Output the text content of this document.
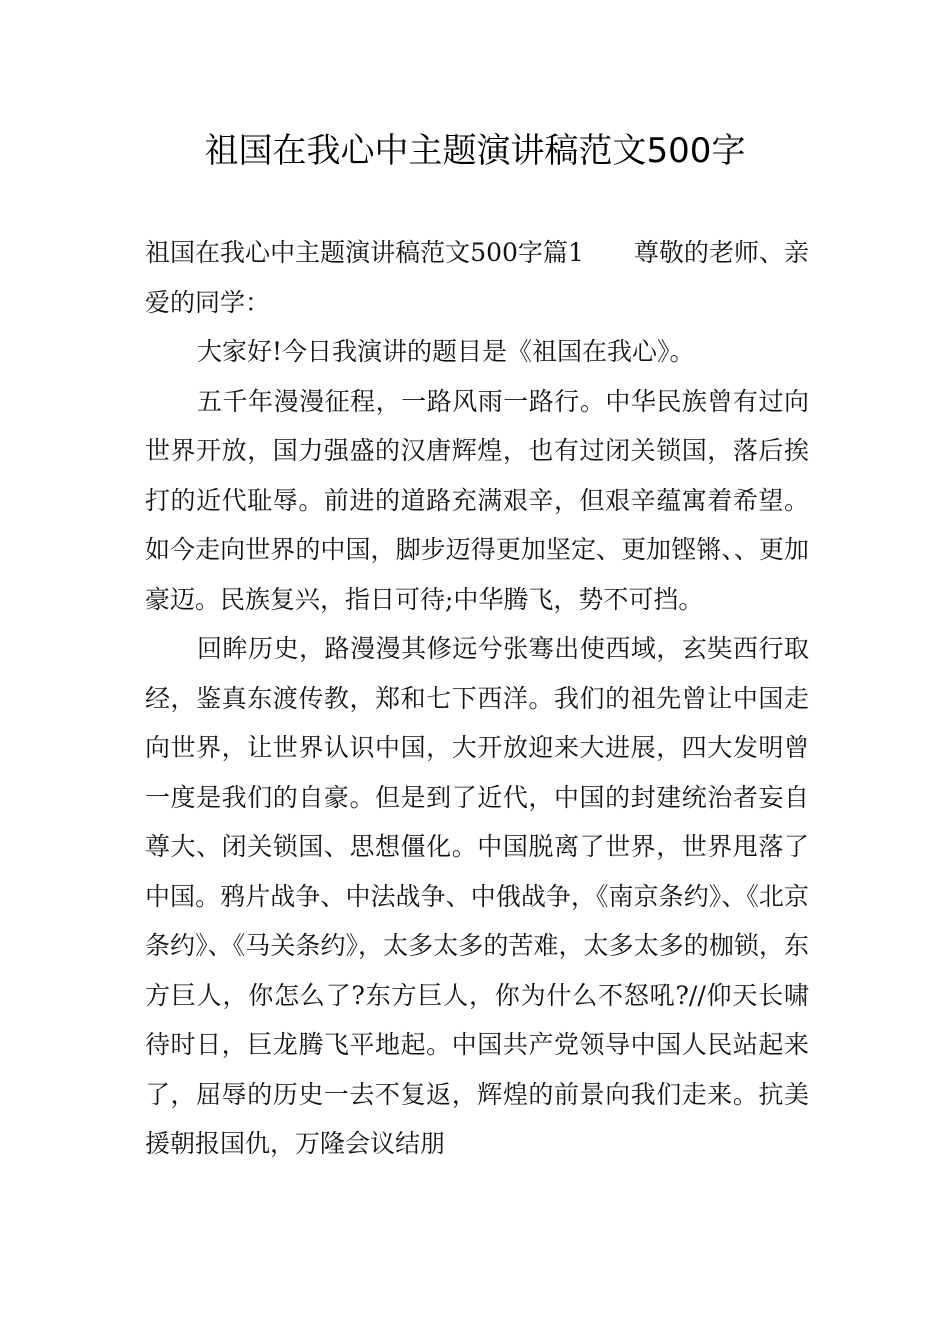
祖国在我心中主题演讲稿范文500字

祖国在我心中主题演讲稿范文500字篇1　　尊敬的老师、亲爱的同学：

大家好!今日我演讲的题目是《祖国在我心》。

五千年漫漫征程，一路风雨一路行。中华民族曾有过向世界开放，国力强盛的汉唐辉煌，也有过闭关锁国，落后挨打的近代耻辱。前进的道路充满艰辛，但艰辛蕴寓着希望。如今走向世界的中国，脚步迈得更加坚定、更加铿锵、、更加豪迈。民族复兴，指日可待;中华腾飞，势不可挡。

回眸历史，路漫漫其修远兮张骞出使西域，玄奘西行取经，鉴真东渡传教，郑和七下西洋。我们的祖先曾让中国走向世界，让世界认识中国，大开放迎来大进展，四大发明曾一度是我们的自豪。但是到了近代，中国的封建统治者妄自尊大、闭关锁国、思想僵化。中国脱离了世界，世界甩落了中国。鸦片战争、中法战争、中俄战争，《南京条约》、《北京条约》、《马关条约》，太多太多的苦难，太多太多的枷锁，东方巨人，你怎么了?东方巨人，你为什么不怒吼?//仰天长啸待时日，巨龙腾飞平地起。中国共产党领导中国人民站起来了，屈辱的历史一去不复返，辉煌的前景向我们走来。抗美援朝报国仇，万隆会议结朋
